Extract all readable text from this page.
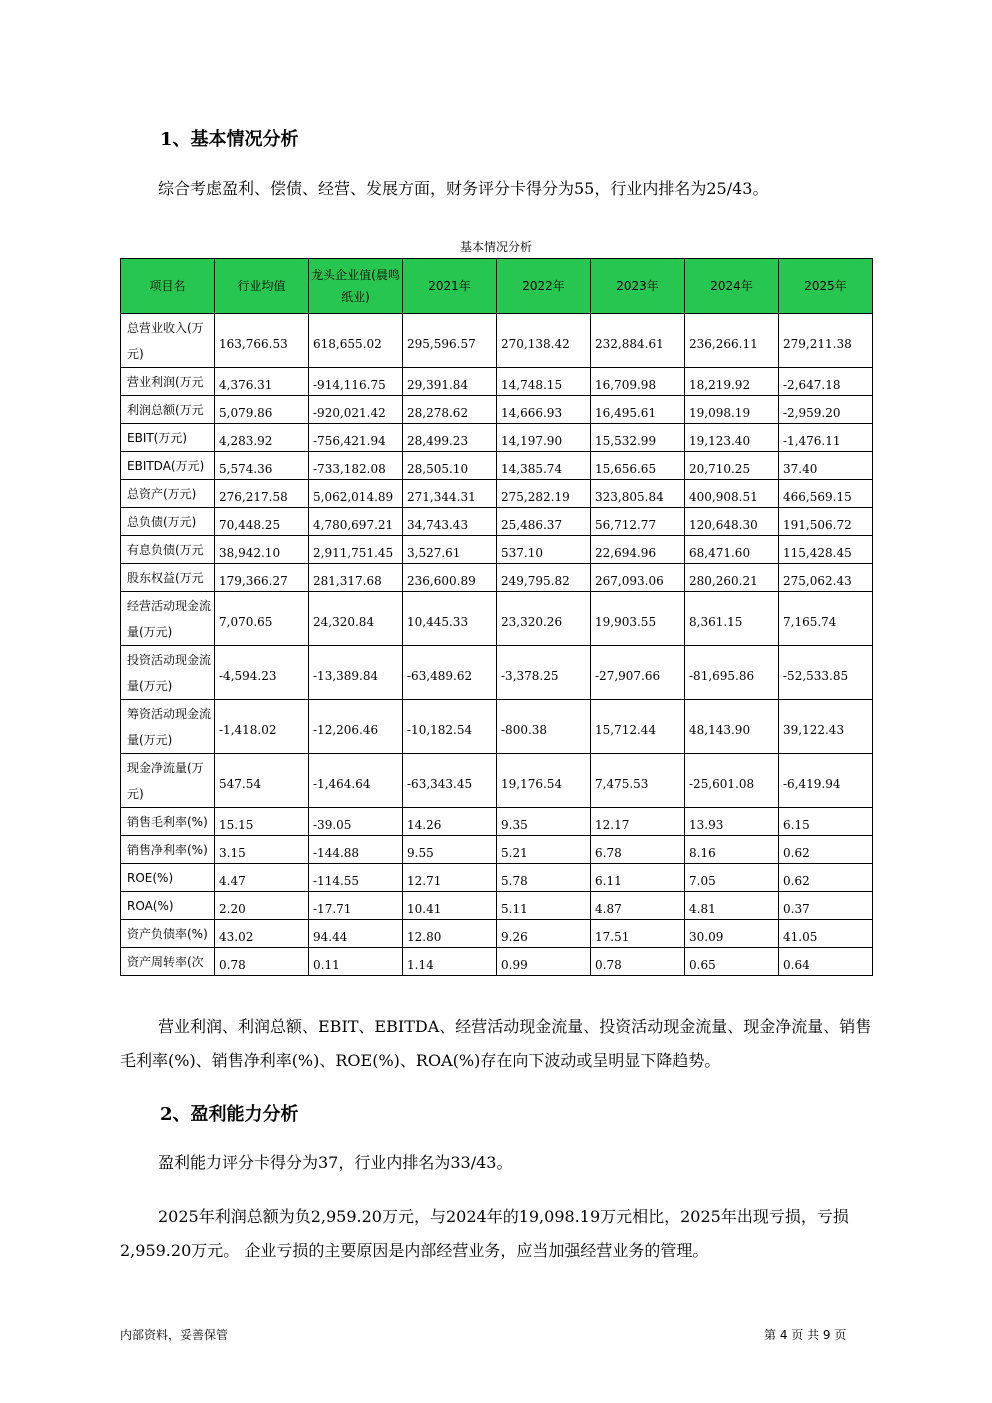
1、基本情况分析

综合考虑盈利、偿债、经营、发展方面，财务评分卡得分为55，行业内排名为25/43。

基本情况分析
项目名	行业均值	龙头企业值(晨鸣纸业)	2021年	2022年	2023年	2024年	2025年
总营业收入(万元)	163,766.53	618,655.02	295,596.57	270,138.42	232,884.61	236,266.11	279,211.38
营业利润(万元	4,376.31	-914,116.75	29,391.84	14,748.15	16,709.98	18,219.92	-2,647.18
利润总额(万元	5,079.86	-920,021.42	28,278.62	14,666.93	16,495.61	19,098.19	-2,959.20
EBIT(万元)	4,283.92	-756,421.94	28,499.23	14,197.90	15,532.99	19,123.40	-1,476.11
EBITDA(万元)	5,574.36	-733,182.08	28,505.10	14,385.74	15,656.65	20,710.25	37.40
总资产(万元)	276,217.58	5,062,014.89	271,344.31	275,282.19	323,805.84	400,908.51	466,569.15
总负债(万元)	70,448.25	4,780,697.21	34,743.43	25,486.37	56,712.77	120,648.30	191,506.72
有息负债(万元	38,942.10	2,911,751.45	3,527.61	537.10	22,694.96	68,471.60	115,428.45
股东权益(万元	179,366.27	281,317.68	236,600.89	249,795.82	267,093.06	280,260.21	275,062.43
经营活动现金流量(万元)	7,070.65	24,320.84	10,445.33	23,320.26	19,903.55	8,361.15	7,165.74
投资活动现金流量(万元)	-4,594.23	-13,389.84	-63,489.62	-3,378.25	-27,907.66	-81,695.86	-52,533.85
筹资活动现金流量(万元)	-1,418.02	-12,206.46	-10,182.54	-800.38	15,712.44	48,143.90	39,122.43
现金净流量(万元)	547.54	-1,464.64	-63,343.45	19,176.54	7,475.53	-25,601.08	-6,419.94
销售毛利率(%)	15.15	-39.05	14.26	9.35	12.17	13.93	6.15
销售净利率(%)	3.15	-144.88	9.55	5.21	6.78	8.16	0.62
ROE(%)	4.47	-114.55	12.71	5.78	6.11	7.05	0.62
ROA(%)	2.20	-17.71	10.41	5.11	4.87	4.81	0.37
资产负债率(%)	43.02	94.44	12.80	9.26	17.51	30.09	41.05
资产周转率(次	0.78	0.11	1.14	0.99	0.78	0.65	0.64

营业利润、利润总额、EBIT、EBITDA、经营活动现金流量、投资活动现金流量、现金净流量、销售毛利率(%)、销售净利率(%)、ROE(%)、ROA(%)存在向下波动或呈明显下降趋势。

2、盈利能力分析

盈利能力评分卡得分为37，行业内排名为33/43。

2025年利润总额为负2,959.20万元，与2024年的19,098.19万元相比，2025年出现亏损，亏损2,959.20万元。 企业亏损的主要原因是内部经营业务，应当加强经营业务的管理。

内部资料，妥善保管	第 4 页 共 9 页
